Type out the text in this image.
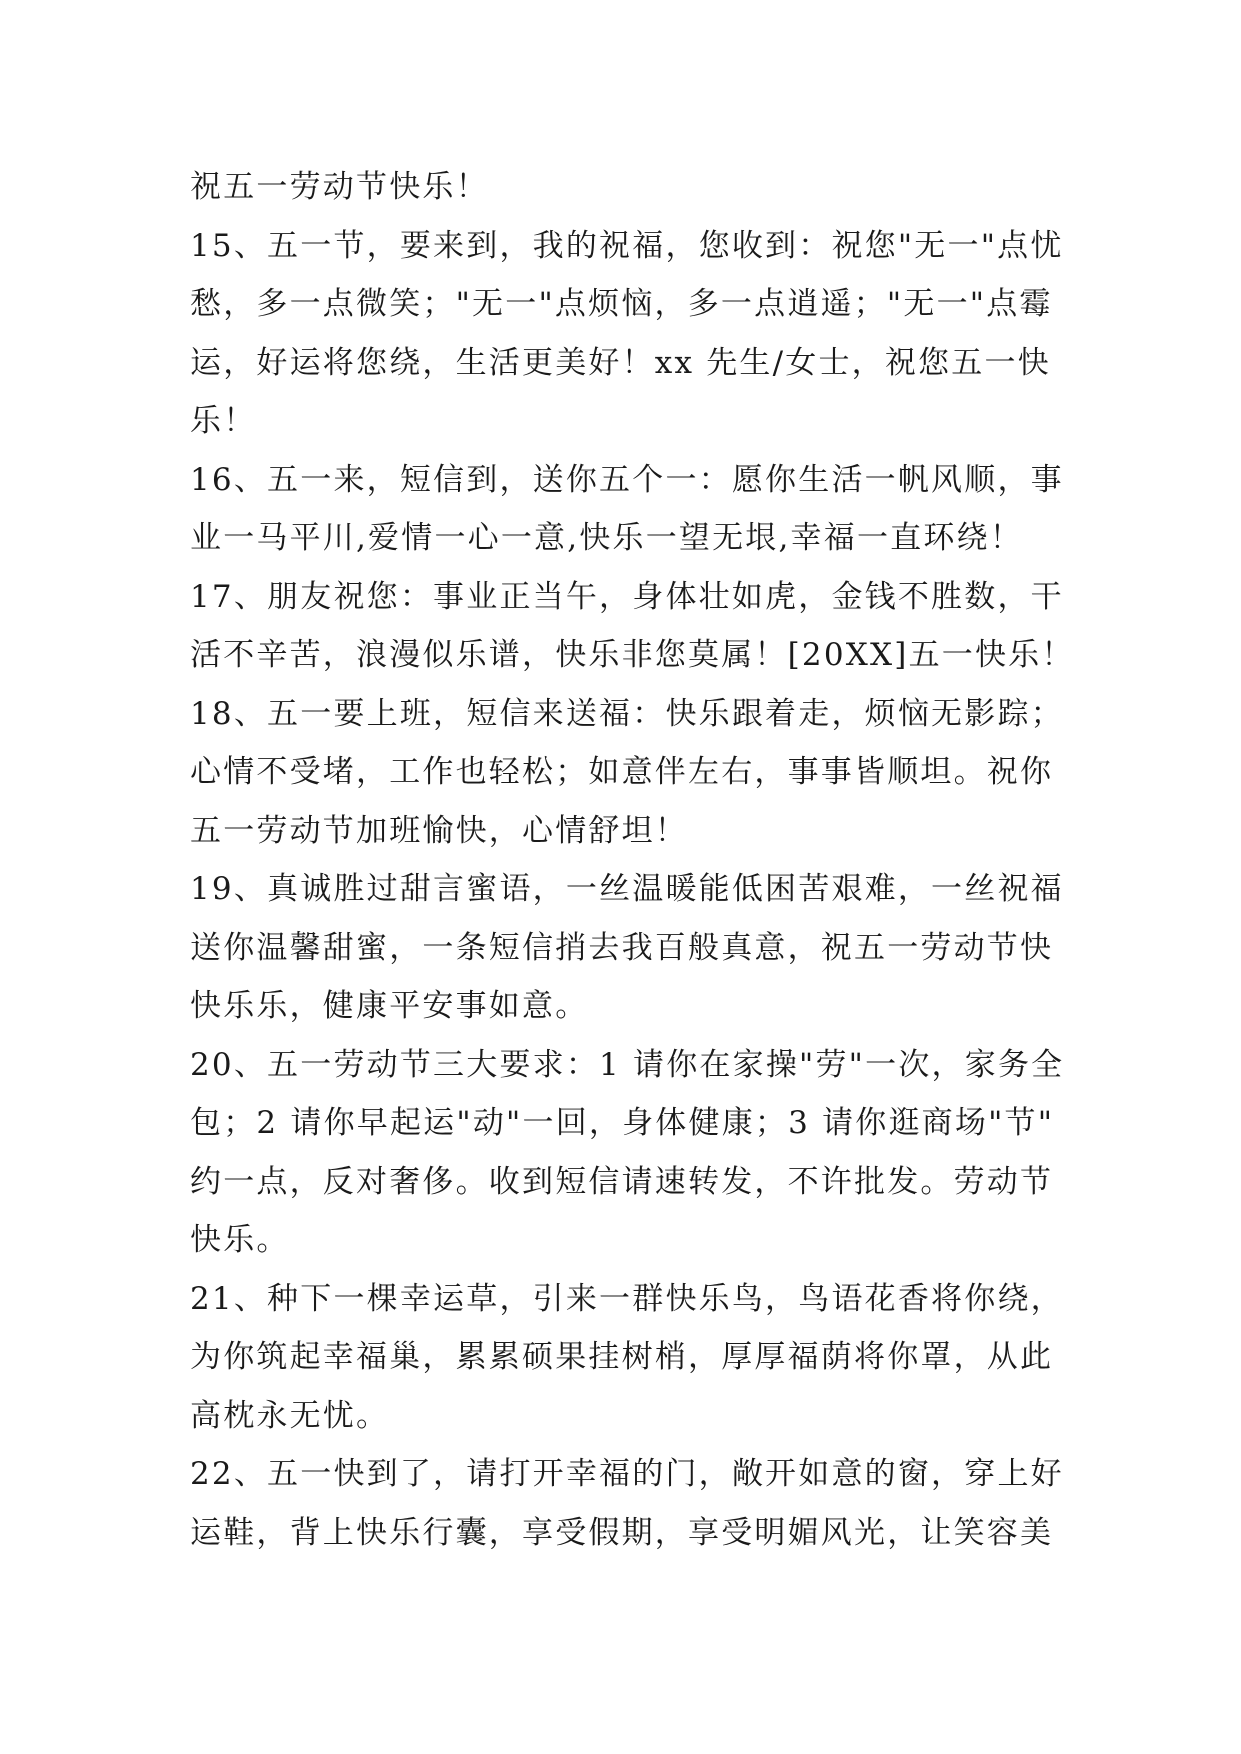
祝五一劳动节快乐！
15、五一节，要来到，我的祝福，您收到：祝您"无一"点忧
愁，多一点微笑；"无一"点烦恼，多一点逍遥；"无一"点霉
运，好运将您绕，生活更美好！xx 先生/女士，祝您五一快
乐！
16、五一来，短信到，送你五个一：愿你生活一帆风顺，事
业一马平川,爱情一心一意,快乐一望无垠,幸福一直环绕！
17、朋友祝您：事业正当午，身体壮如虎，金钱不胜数，干
活不辛苦，浪漫似乐谱，快乐非您莫属！[20XX]五一快乐！
18、五一要上班，短信来送福：快乐跟着走，烦恼无影踪；
心情不受堵，工作也轻松；如意伴左右，事事皆顺坦。祝你
五一劳动节加班愉快，心情舒坦！
19、真诚胜过甜言蜜语，一丝温暖能低困苦艰难，一丝祝福
送你温馨甜蜜，一条短信捎去我百般真意，祝五一劳动节快
快乐乐，健康平安事如意。
20、五一劳动节三大要求：1 请你在家操"劳"一次，家务全
包；2 请你早起运"动"一回，身体健康；3 请你逛商场"节"
约一点，反对奢侈。收到短信请速转发，不许批发。劳动节
快乐。
21、种下一棵幸运草，引来一群快乐鸟，鸟语花香将你绕，
为你筑起幸福巢，累累硕果挂树梢，厚厚福荫将你罩，从此
高枕永无忧。
22、五一快到了，请打开幸福的门，敞开如意的窗，穿上好
运鞋，背上快乐行囊，享受假期，享受明媚风光，让笑容美
